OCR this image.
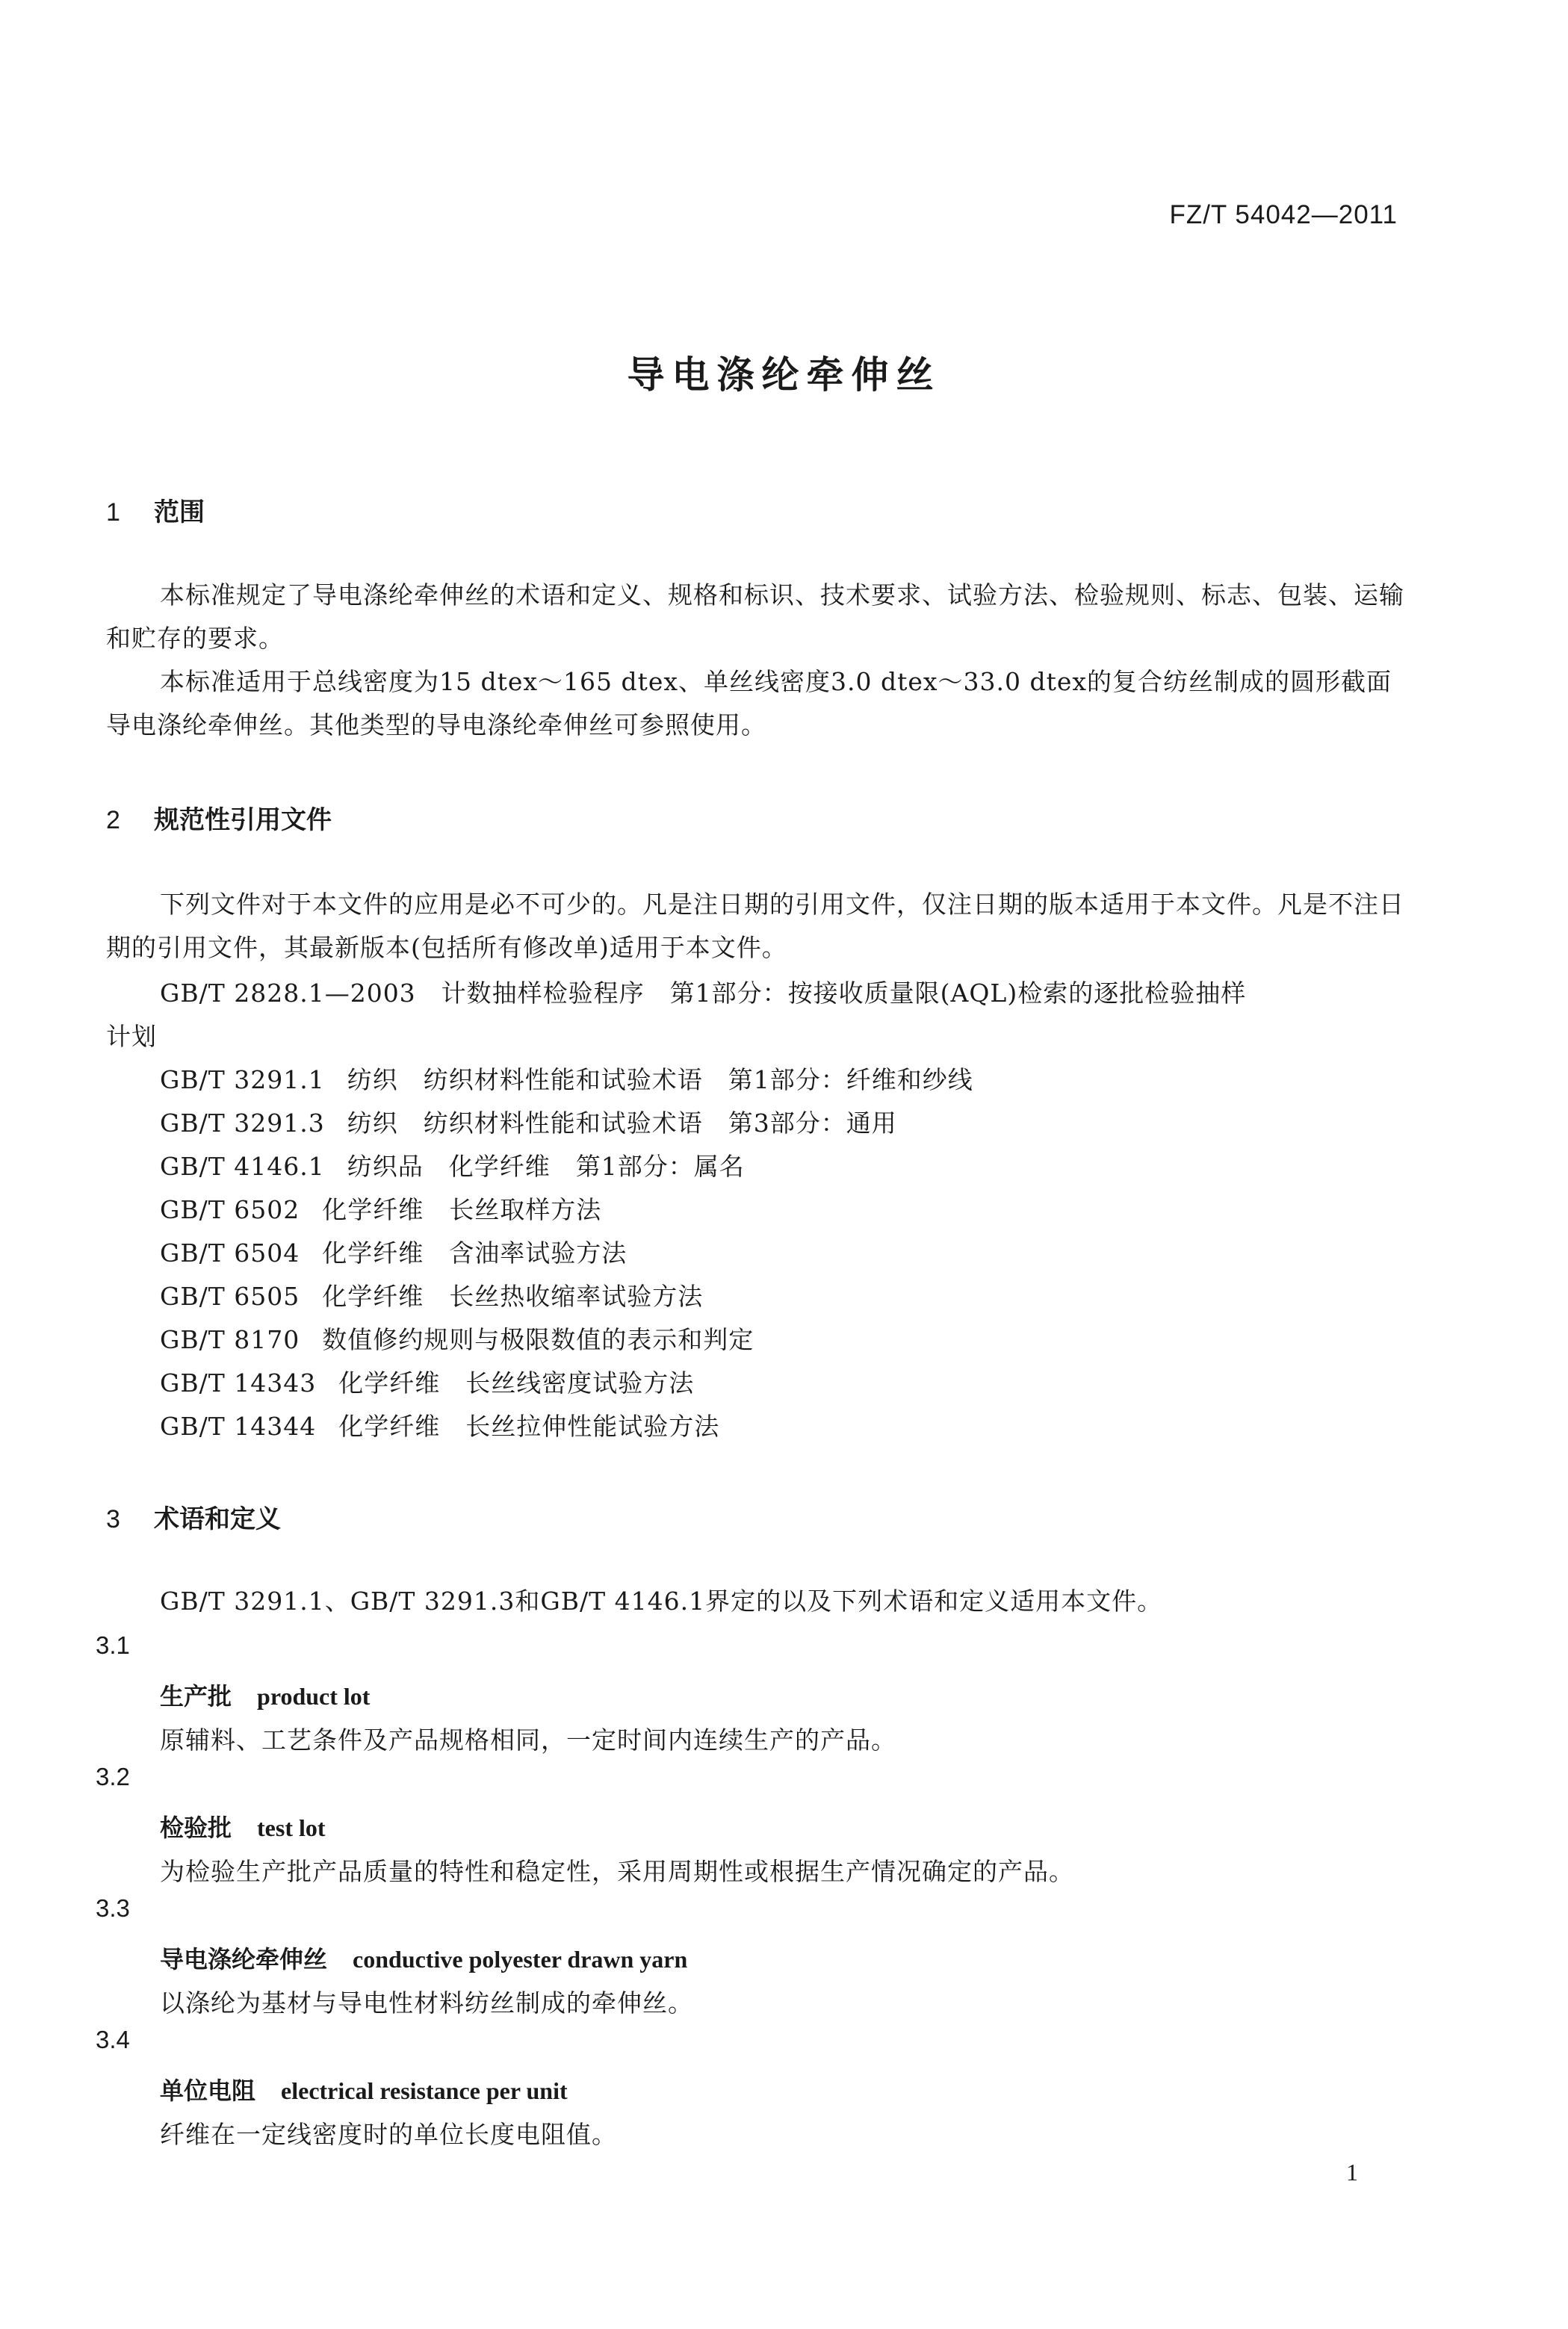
FZ/T 54042—2011
导电涤纶牵伸丝
1 范围
本标准规定了导电涤纶牵伸丝的术语和定义、规格和标识、技术要求、试验方法、检验规则、标志、包装、运输和贮存的要求。
本标准适用于总线密度为15 dtex～165 dtex、单丝线密度3.0 dtex～33.0 dtex的复合纺丝制成的圆形截面导电涤纶牵伸丝。其他类型的导电涤纶牵伸丝可参照使用。
2 规范性引用文件
下列文件对于本文件的应用是必不可少的。凡是注日期的引用文件，仅注日期的版本适用于本文件。凡是不注日期的引用文件，其最新版本(包括所有修改单)适用于本文件。
GB/T 2828.1—2003　计数抽样检验程序　第1部分：按接收质量限(AQL)检索的逐批检验抽样
计划
GB/T 3291.1 纺织　纺织材料性能和试验术语　第1部分：纤维和纱线
GB/T 3291.3 纺织　纺织材料性能和试验术语　第3部分：通用
GB/T 4146.1 纺织品　化学纤维　第1部分：属名
GB/T 6502 化学纤维　长丝取样方法
GB/T 6504 化学纤维　含油率试验方法
GB/T 6505 化学纤维　长丝热收缩率试验方法
GB/T 8170 数值修约规则与极限数值的表示和判定
GB/T 14343 化学纤维　长丝线密度试验方法
GB/T 14344 化学纤维　长丝拉伸性能试验方法
3 术语和定义
GB/T 3291.1、GB/T 3291.3和GB/T 4146.1界定的以及下列术语和定义适用本文件。
3.1
生产批 product lot
原辅料、工艺条件及产品规格相同，一定时间内连续生产的产品。
3.2
检验批 test lot
为检验生产批产品质量的特性和稳定性，采用周期性或根据生产情况确定的产品。
3.3
导电涤纶牵伸丝 conductive polyester drawn yarn
以涤纶为基材与导电性材料纺丝制成的牵伸丝。
3.4
单位电阻 electrical resistance per unit
纤维在一定线密度时的单位长度电阻值。
1
